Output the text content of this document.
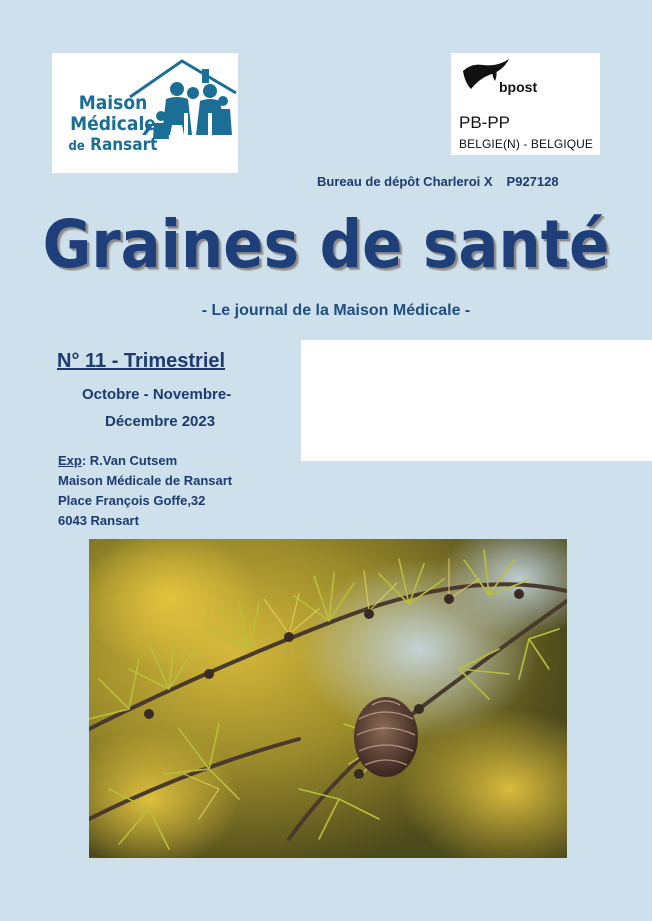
Maison
Médicale
de Ransart
bpost
PB-PP
BELGIE(N) - BELGIQUE
Bureau de dépôt Charleroi X P927128
Graines de santé
- Le journal de la Maison Médicale -
N° 11 - Trimestriel
Octobre - Novembre-
Décembre 2023
Exp: R.Van Cutsem
Maison Médicale de Ransart
Place François Goffe,32
6043 Ransart
